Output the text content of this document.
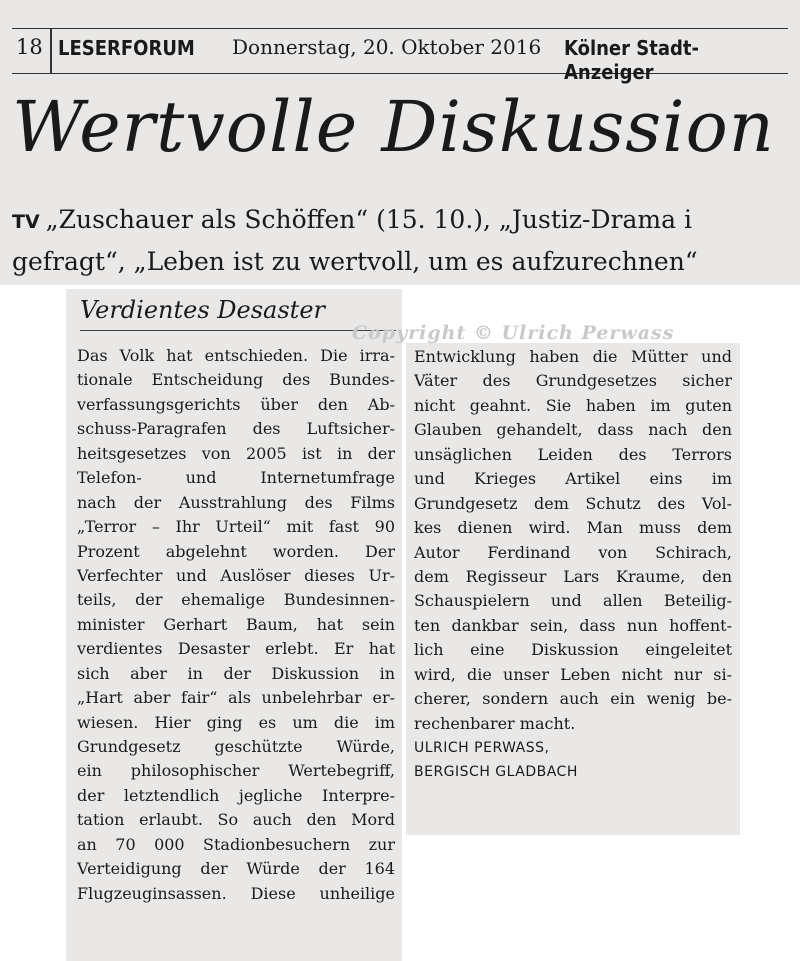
18 LESERFORUM Donnerstag, 20. Oktober 2016 Kölner Stadt-Anzeiger
Wertvolle Diskussion
TV „Zuschauer als Schöffen“ (15. 10.), „Justiz-Drama i
gefragt“, „Leben ist zu wertvoll, um es aufzurechnen“
Verdientes Desaster
Copyright © Ulrich Perwass
Das Volk hat entschieden. Die irra-
tionale Entscheidung des Bundes-
verfassungsgerichts über den Ab-
schuss-Paragrafen des Luftsicher-
heitsgesetzes von 2005 ist in der
Telefon- und Internetumfrage
nach der Ausstrahlung des Films
„Terror – Ihr Urteil“ mit fast 90
Prozent abgelehnt worden. Der
Verfechter und Auslöser dieses Ur-
teils, der ehemalige Bundesinnen-
minister Gerhart Baum, hat sein
verdientes Desaster erlebt. Er hat
sich aber in der Diskussion in
„Hart aber fair“ als unbelehrbar er-
wiesen. Hier ging es um die im
Grundgesetz geschützte Würde,
ein philosophischer Wertebegriff,
der letztendlich jegliche Interpre-
tation erlaubt. So auch den Mord
an 70 000 Stadionbesuchern zur
Verteidigung der Würde der 164
Flugzeuginsassen. Diese unheilige
Entwicklung haben die Mütter und
Väter des Grundgesetzes sicher
nicht geahnt. Sie haben im guten
Glauben gehandelt, dass nach den
unsäglichen Leiden des Terrors
und Krieges Artikel eins im
Grundgesetz dem Schutz des Vol-
kes dienen wird. Man muss dem
Autor Ferdinand von Schirach,
dem Regisseur Lars Kraume, den
Schauspielern und allen Beteilig-
ten dankbar sein, dass nun hoffent-
lich eine Diskussion eingeleitet
wird, die unser Leben nicht nur si-
cherer, sondern auch ein wenig be-
rechenbarer macht.
ULRICH PERWASS,
BERGISCH GLADBACH
